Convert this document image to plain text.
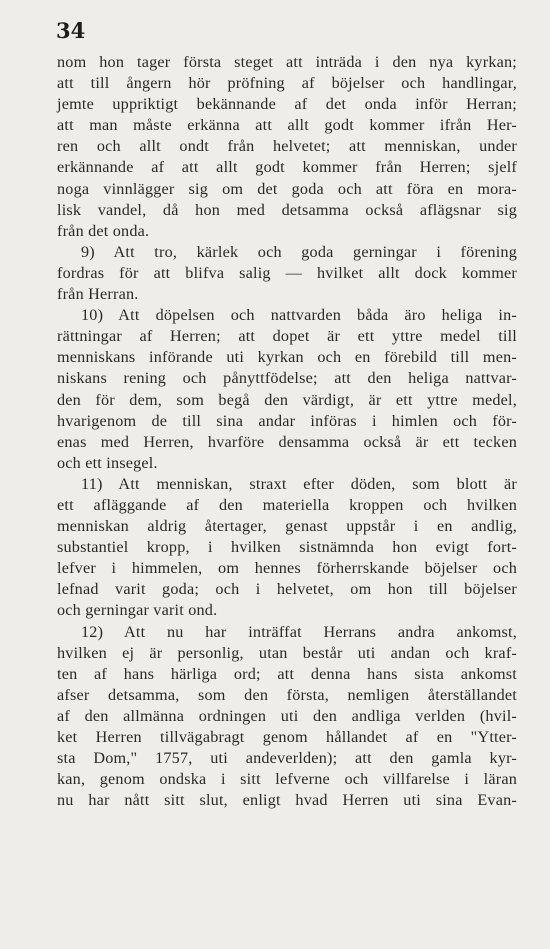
34
nom hon tager första steget att inträda i den nya kyrkan;
att till ångern hör pröfning af böjelser och handlingar,
jemte uppriktigt bekännande af det onda inför Herran;
att man måste erkänna att allt godt kommer ifrån Her-
ren och allt ondt från helvetet; att menniskan, under
erkännande af att allt godt kommer från Herren; sjelf
noga vinnlägger sig om det goda och att föra en mora-
lisk vandel, då hon med detsamma också aflägsnar sig
från det onda.
9) Att tro, kärlek och goda gerningar i förening
fordras för att blifva salig — hvilket allt dock kommer
från Herran.
10) Att döpelsen och nattvarden båda äro heliga in-
rättningar af Herren; att dopet är ett yttre medel till
menniskans införande uti kyrkan och en förebild till men-
niskans rening och pånyttfödelse; att den heliga nattvar-
den för dem, som begå den värdigt, är ett yttre medel,
hvarigenom de till sina andar införas i himlen och för-
enas med Herren, hvarföre densamma också är ett tecken
och ett insegel.
11) Att menniskan, straxt efter döden, som blott är
ett afläggande af den materiella kroppen och hvilken
menniskan aldrig återtager, genast uppstår i en andlig,
substantiel kropp, i hvilken sistnämnda hon evigt fort-
lefver i himmelen, om hennes förherrskande böjelser och
lefnad varit goda; och i helvetet, om hon till böjelser
och gerningar varit ond.
12) Att nu har inträffat Herrans andra ankomst,
hvilken ej är personlig, utan består uti andan och kraf-
ten af hans härliga ord; att denna hans sista ankomst
afser detsamma, som den första, nemligen återställandet
af den allmänna ordningen uti den andliga verlden (hvil-
ket Herren tillvägabragt genom hållandet af en "Ytter-
sta Dom," 1757, uti andeverlden); att den gamla kyr-
kan, genom ondska i sitt lefverne och villfarelse i läran
nu har nått sitt slut, enligt hvad Herren uti sina Evan-
